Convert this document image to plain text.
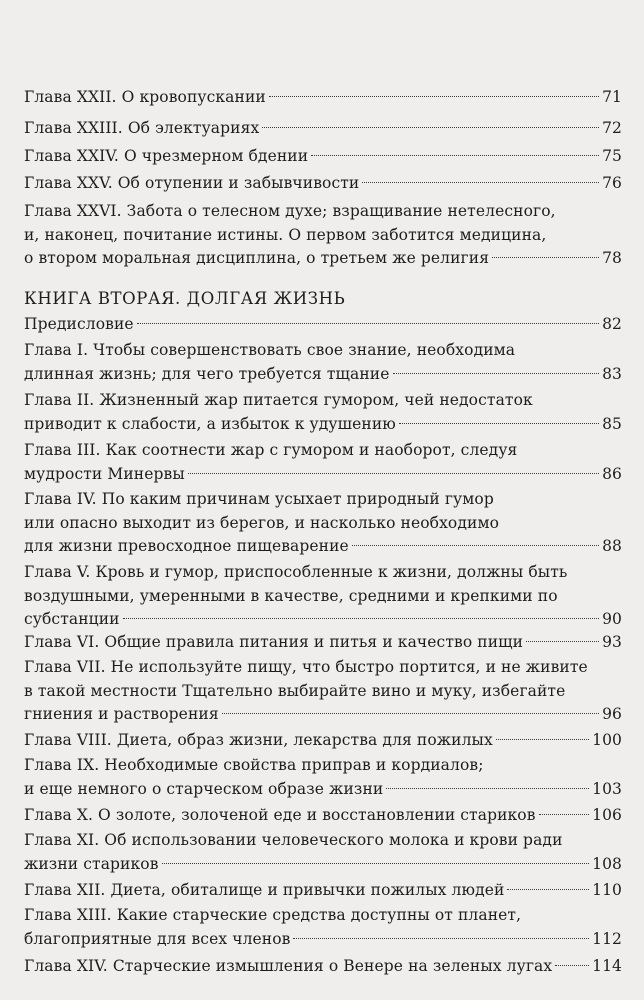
КНИГА ВТОРАЯ. ДОЛГАЯ ЖИЗНЬ
Глава XXII. О кровопускании	71
Глава XXIII. Об электуариях	72
Глава XXIV. О чрезмерном бдении	75
Глава XXV. Об отупении и забывчивости	76
Глава XXVI. Забота о телесном духе; взращивание нетелесного,
и, наконец, почитание истины. О первом заботится медицина,
о втором моральная дисциплина, о третьем же религия	78
Предисловие	82
Глава I. Чтобы совершенствовать свое знание, необходима
длинная жизнь; для чего требуется тщание	83
Глава II. Жизненный жар питается гумором, чей недостаток
приводит к слабости, а избыток к удушению	85
Глава III. Как соотнести жар с гумором и наоборот, следуя
мудрости Минервы	86
Глава IV. По каким причинам усыхает природный гумор
или опасно выходит из берегов, и насколько необходимо
для жизни превосходное пищеварение	88
Глава V. Кровь и гумор, приспособленные к жизни, должны быть
воздушными, умеренными в качестве, средними и крепкими по
субстанции	90
Глава VI. Общие правила питания и питья и качество пищи	93
Глава VII. Не используйте пищу, что быстро портится, и не живите
в такой местности Тщательно выбирайте вино и муку, избегайте
гниения и растворения	96
Глава VIII. Диета, образ жизни, лекарства для пожилых	100
Глава IX. Необходимые свойства приправ и кордиалов;
и еще немного о старческом образе жизни	103
Глава X. О золоте, золоченой еде и восстановлении стариков	106
Глава XI. Об использовании человеческого молока и крови ради
жизни стариков	108
Глава XII. Диета, обиталище и привычки пожилых людей	110
Глава XIII. Какие старческие средства доступны от планет,
благоприятные для всех членов	112
Глава XIV. Старческие измышления о Венере на зеленых лугах	114
